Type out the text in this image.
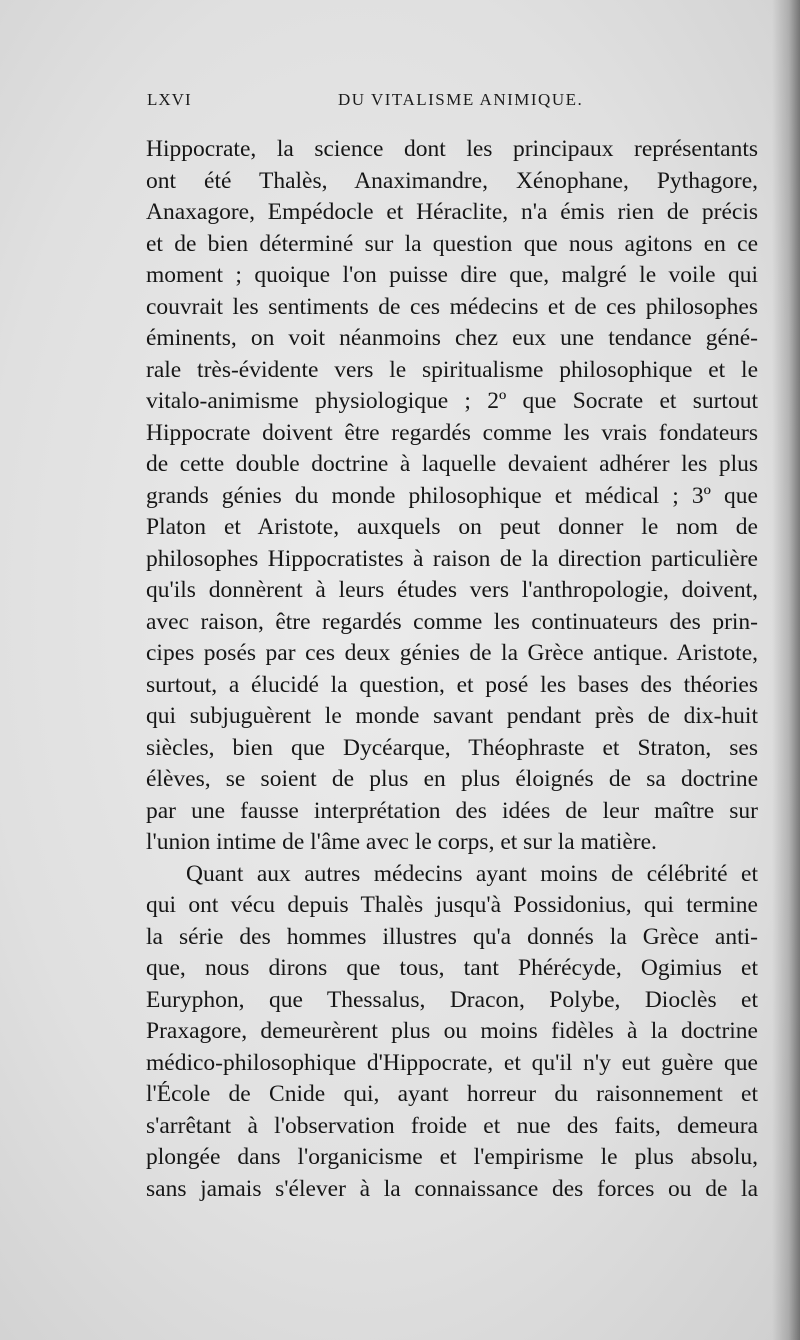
LXVI	DU VITALISME ANIMIQUE.
Hippocrate, la science dont les principaux représentants
ont été Thalès, Anaximandre, Xénophane, Pythagore,
Anaxagore, Empédocle et Héraclite, n'a émis rien de précis
et de bien déterminé sur la question que nous agitons en ce
moment ; quoique l'on puisse dire que, malgré le voile qui
couvrait les sentiments de ces médecins et de ces philosophes
éminents, on voit néanmoins chez eux une tendance géné-
rale très-évidente vers le spiritualisme philosophique et le
vitalo-animisme physiologique ; 2º que Socrate et surtout
Hippocrate doivent être regardés comme les vrais fondateurs
de cette double doctrine à laquelle devaient adhérer les plus
grands génies du monde philosophique et médical ; 3º que
Platon et Aristote, auxquels on peut donner le nom de
philosophes Hippocratistes à raison de la direction particulière
qu'ils donnèrent à leurs études vers l'anthropologie, doivent,
avec raison, être regardés comme les continuateurs des prin-
cipes posés par ces deux génies de la Grèce antique. Aristote,
surtout, a élucidé la question, et posé les bases des théories
qui subjuguèrent le monde savant pendant près de dix-huit
siècles, bien que Dycéarque, Théophraste et Straton, ses
élèves, se soient de plus en plus éloignés de sa doctrine
par une fausse interprétation des idées de leur maître sur
l'union intime de l'âme avec le corps, et sur la matière.
Quant aux autres médecins ayant moins de célébrité et
qui ont vécu depuis Thalès jusqu'à Possidonius, qui termine
la série des hommes illustres qu'a donnés la Grèce anti-
que, nous dirons que tous, tant Phérécyde, Ogimius et
Euryphon, que Thessalus, Dracon, Polybe, Dioclès et
Praxagore, demeurèrent plus ou moins fidèles à la doctrine
médico-philosophique d'Hippocrate, et qu'il n'y eut guère que
l'École de Cnide qui, ayant horreur du raisonnement et
s'arrêtant à l'observation froide et nue des faits, demeura
plongée dans l'organicisme et l'empirisme le plus absolu,
sans jamais s'élever à la connaissance des forces ou de la
